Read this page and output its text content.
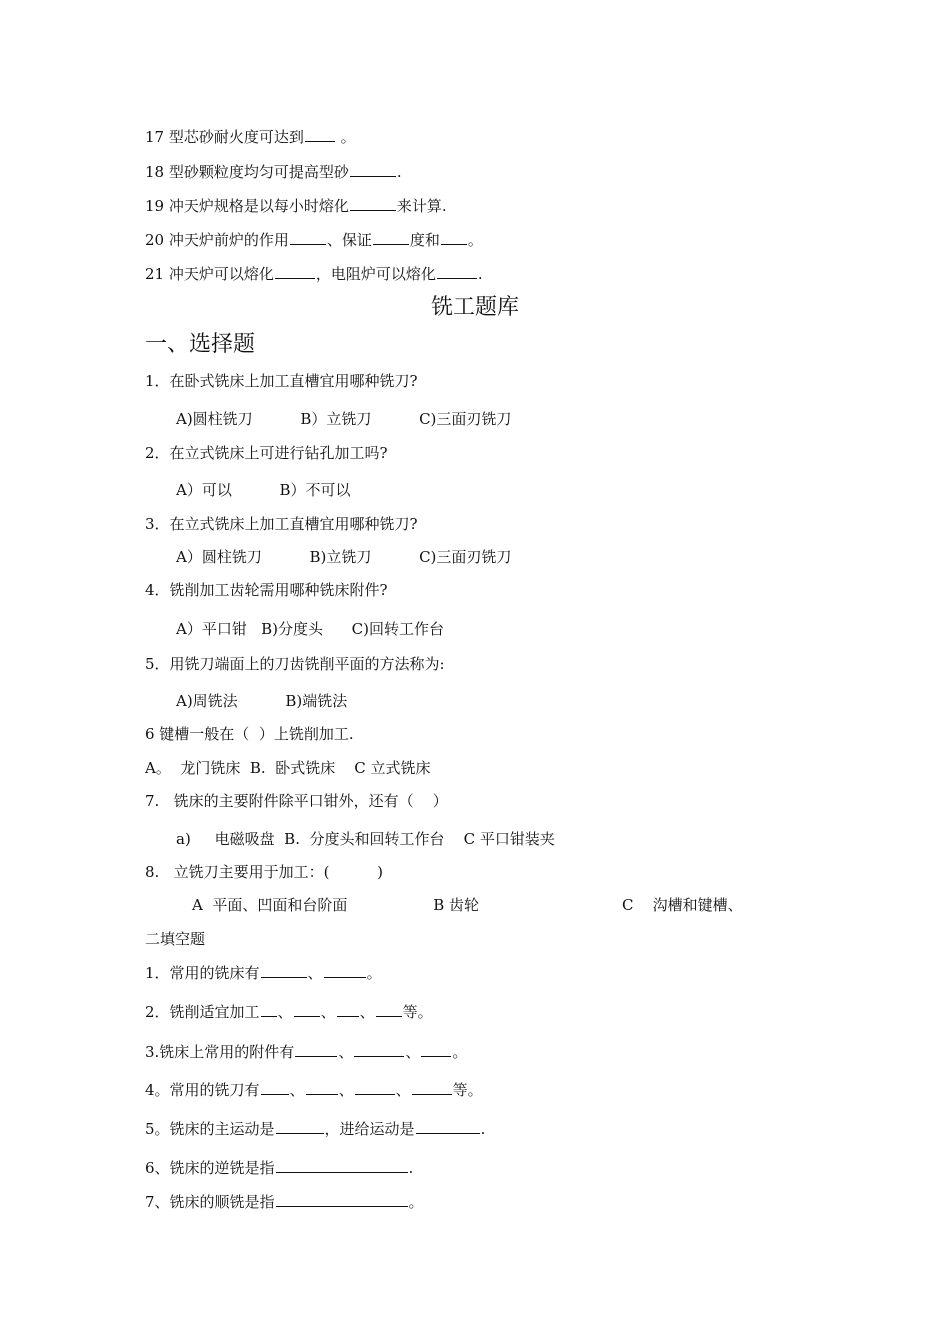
17 型芯砂耐火度可达到 。
18 型砂颗粒度均匀可提高型砂	.
19 冲天炉规格是以每小时熔化	来计算.
20 冲天炉前炉的作用	、保证	度和 。
21 冲天炉可以熔化	，电阻炉可以熔化	.
铣工题库
一、选择题
1．在卧式铣床上加工直槽宜用哪种铣刀?
A)圆柱铣刀          B）立铣刀          C)三面刃铣刀
2．在立式铣床上可进行钻孔加工吗?
A）可以          B）不可以
3．在立式铣床上加工直槽宜用哪种铣刀?
A）圆柱铣刀          B)立铣刀          C)三面刃铣刀
4．铣削加工齿轮需用哪种铣床附件?
A）平口钳   B)分度头      C)回转工作台
5．用铣刀端面上的刀齿铣削平面的方法称为:
A)周铣法          B)端铣法
6 键槽一般在（  ）上铣削加工.
A。  龙门铣床  B.  卧式铣床    C 立式铣床
7.   铣床的主要附件除平口钳外，还有（    ）
a)     电磁吸盘  B.  分度头和回转工作台    C 平口钳装夹
8.   立铣刀主要用于加工：(          )
A  平面、凹面和台阶面                  B 齿轮                              C    沟槽和键槽、
二填空题
1．常用的铣床有	、	。
2．铣削适宜加工 、 、 、 等。
3.铣床上常用的附件有	、	、 。
4。常用的铣刀有 、 、	、	等。
5。铣床的主运动是	，进给运动是	.
6、铣床的逆铣是指	.
7、铣床的顺铣是指	。
